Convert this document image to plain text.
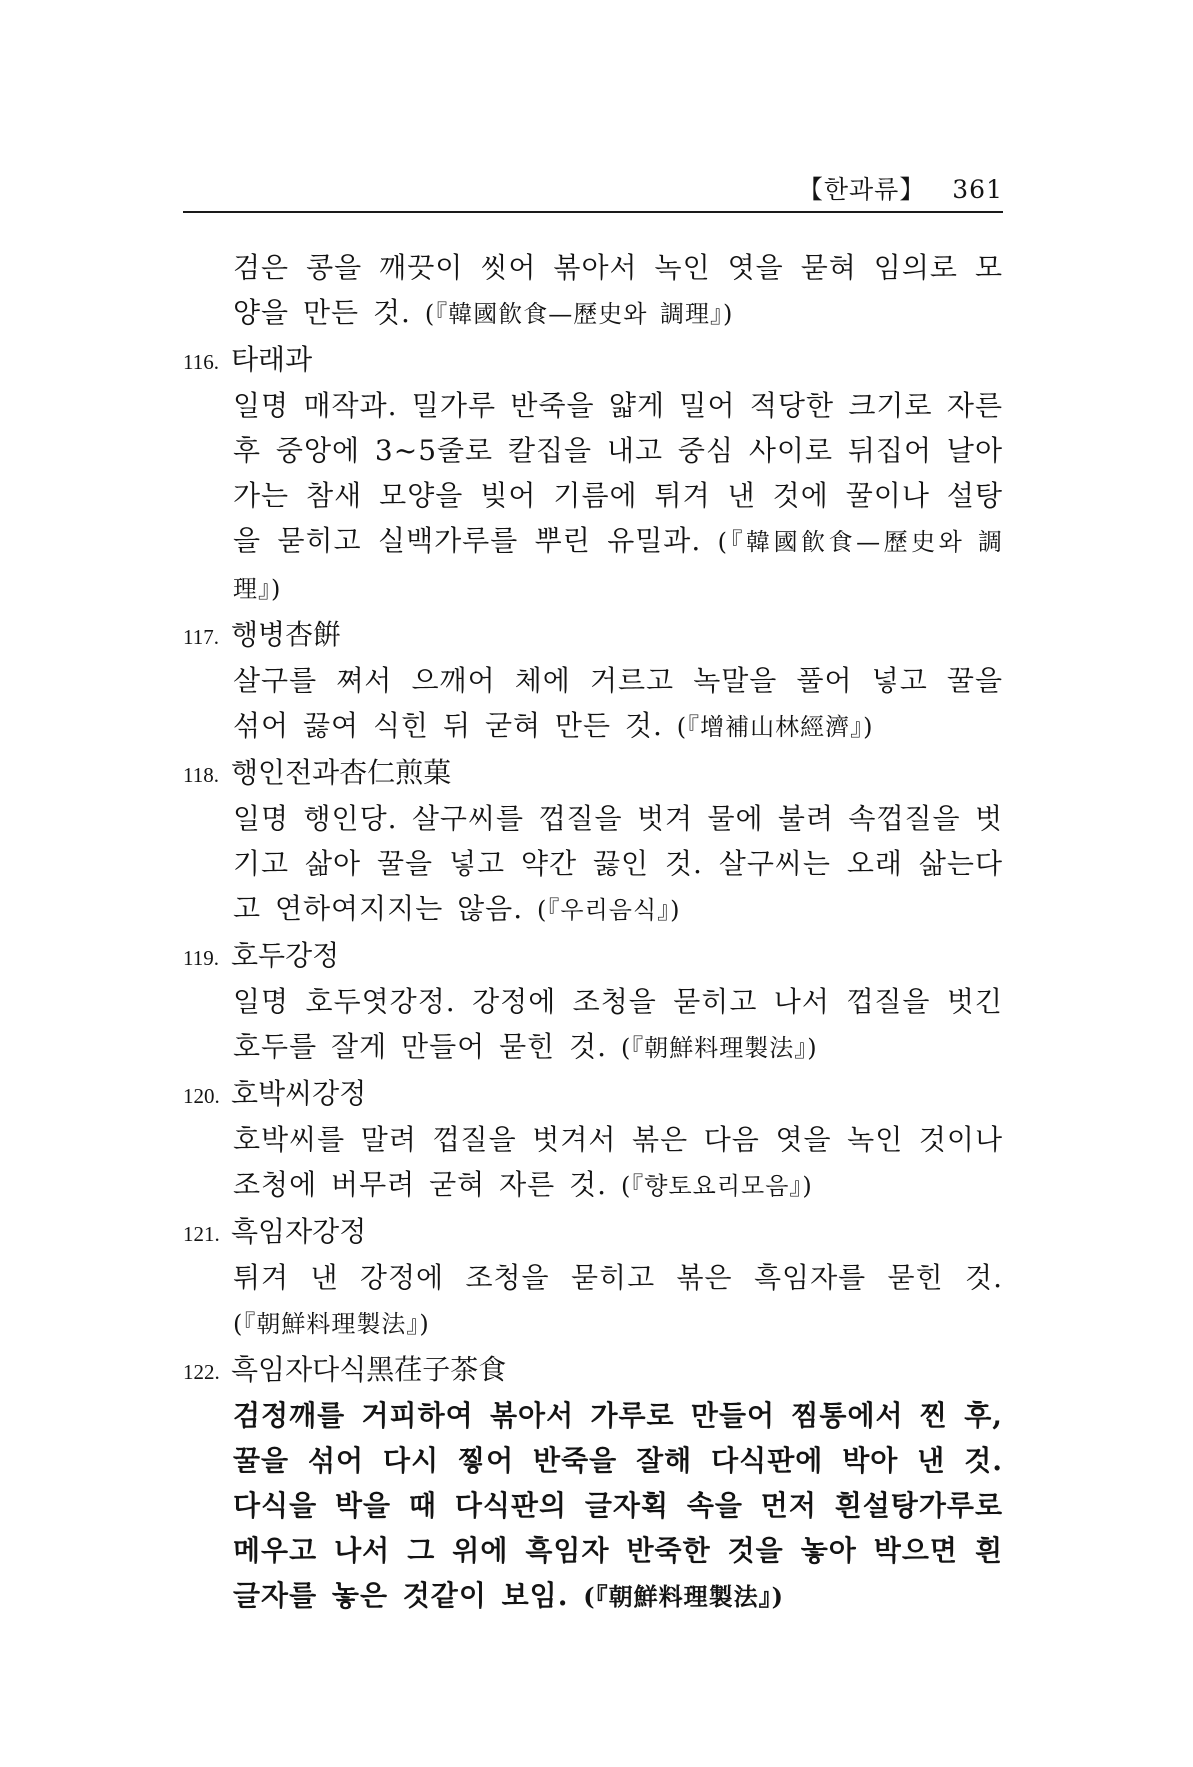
【한과류】 361

검은 콩을 깨끗이 씻어 볶아서 녹인 엿을 묻혀 임의로 모양을 만든 것. (『韓國飮食—歷史와 調理』)

116. 타래과

일명 매작과. 밀가루 반죽을 얇게 밀어 적당한 크기로 자른 후 중앙에 3~5줄로 칼집을 내고 중심 사이로 뒤집어 날아가는 참새 모양을 빚어 기름에 튀겨 낸 것에 꿀이나 설탕을 묻히고 실백가루를 뿌린 유밀과. (『韓國飮食—歷史와 調理』)

117. 행병杏餠

살구를 쪄서 으깨어 체에 거르고 녹말을 풀어 넣고 꿀을 섞어 끓여 식힌 뒤 굳혀 만든 것. (『增補山林經濟』)

118. 행인전과杏仁煎菓

일명 행인당. 살구씨를 껍질을 벗겨 물에 불려 속껍질을 벗기고 삶아 꿀을 넣고 약간 끓인 것. 살구씨는 오래 삶는다고 연하여지지는 않음. (『우리음식』)

119. 호두강정

일명 호두엿강정. 강정에 조청을 묻히고 나서 껍질을 벗긴 호두를 잘게 만들어 묻힌 것. (『朝鮮料理製法』)

120. 호박씨강정

호박씨를 말려 껍질을 벗겨서 볶은 다음 엿을 녹인 것이나 조청에 버무려 굳혀 자른 것. (『향토요리모음』)

121. 흑임자강정

튀겨 낸 강정에 조청을 묻히고 볶은 흑임자를 묻힌 것. (『朝鮮料理製法』)

122. 흑임자다식黑荏子茶食

검정깨를 거피하여 볶아서 가루로 만들어 찜통에서 찐 후, 꿀을 섞어 다시 찧어 반죽을 잘해 다식판에 박아 낸 것. 다식을 박을 때 다식판의 글자획 속을 먼저 흰설탕가루로 메우고 나서 그 위에 흑임자 반죽한 것을 놓아 박으면 흰 글자를 놓은 것같이 보임. (『朝鮮料理製法』)
